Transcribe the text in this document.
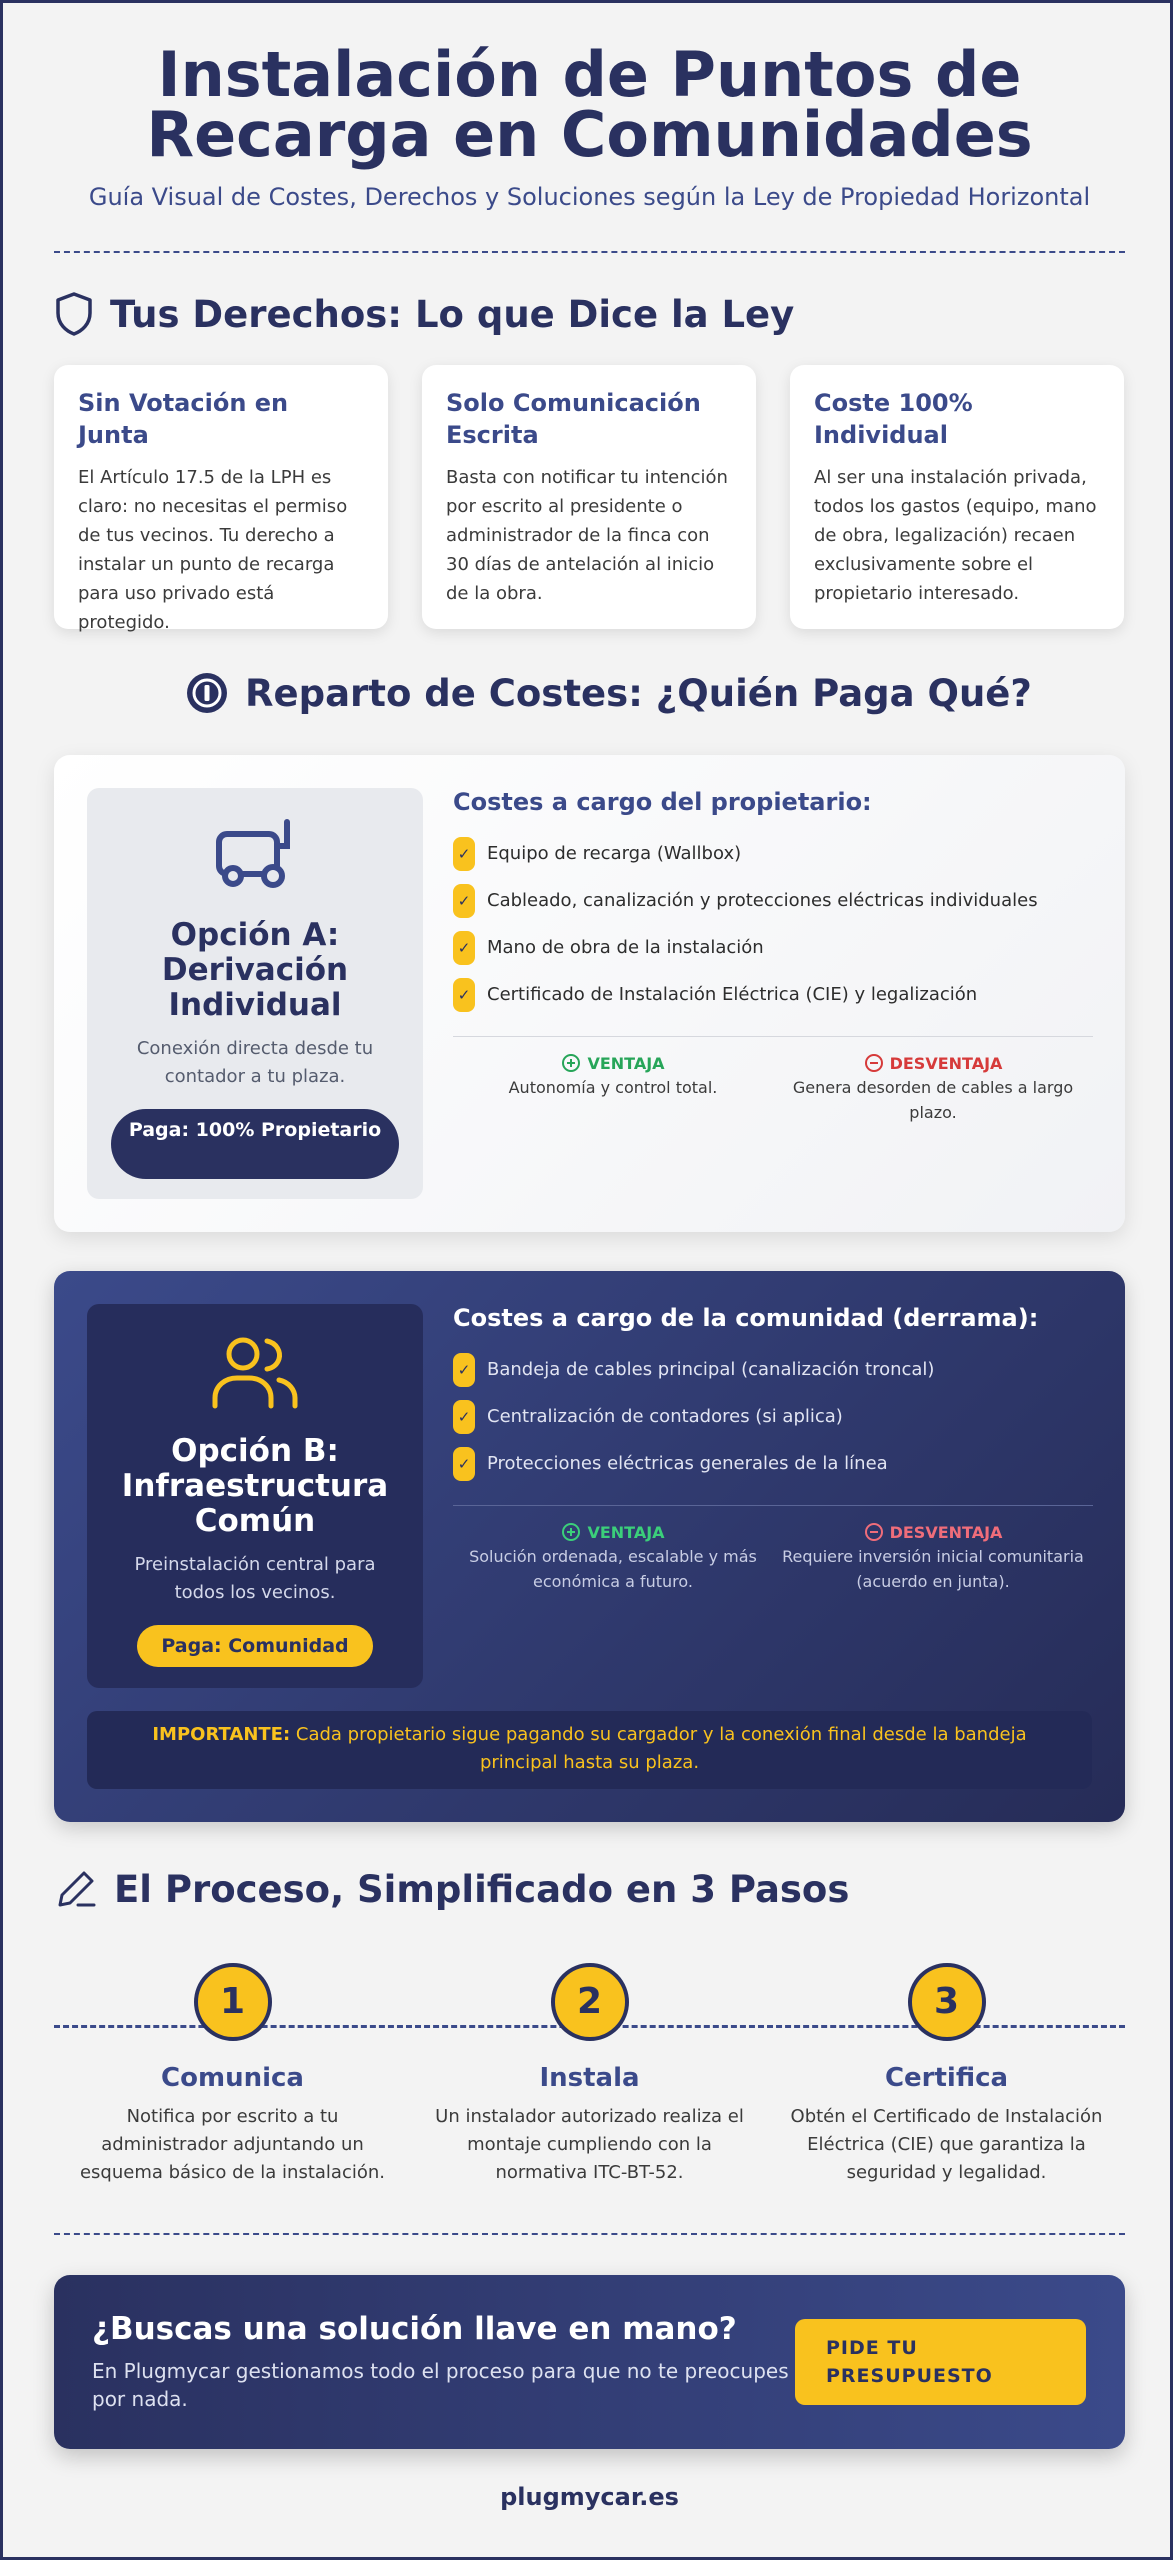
Instalación de Puntos de
Recarga en Comunidades
Guía Visual de Costes, Derechos y Soluciones según la Ley de Propiedad Horizontal
Tus Derechos: Lo que Dice la Ley
Sin Votación en Junta

El Artículo 17.5 de la LPH es claro: no necesitas el permiso de tus vecinos. Tu derecho a instalar un punto de recarga para uso privado está protegido.

Solo Comunicación Escrita

Basta con notificar tu intención por escrito al presidente o administrador de la finca con 30 días de antelación al inicio de la obra.

Coste 100% Individual

Al ser una instalación privada, todos los gastos (equipo, mano de obra, legalización) recaen exclusivamente sobre el propietario interesado.

Reparto de Costes: ¿Quién Paga Qué?
Opción A: Derivación Individual
Conexión directa desde tu contador a tu plaza.
Paga: 100% Propietario
Costes a cargo del propietario:
✓ Equipo de recarga (Wallbox)
✓ Cableado, canalización y protecciones eléctricas individuales
✓ Mano de obra de la instalación
✓ Certificado de Instalación Eléctrica (CIE) y legalización
VENTAJA
Autonomía y control total.
DESVENTAJA
Genera desorden de cables a largo plazo.
Opción B: Infraestructura Común
Preinstalación central para todos los vecinos.
Paga: Comunidad
Costes a cargo de la comunidad (derrama):
✓ Bandeja de cables principal (canalización troncal)
✓ Centralización de contadores (si aplica)
✓ Protecciones eléctricas generales de la línea
VENTAJA
Solución ordenada, escalable y más económica a futuro.
DESVENTAJA
Requiere inversión inicial comunitaria (acuerdo en junta).
IMPORTANTE: Cada propietario sigue pagando su cargador y la conexión final desde la bandeja principal hasta su plaza.
El Proceso, Simplificado en 3 Pasos
1
Comunica

Notifica por escrito a tu administrador adjuntando un esquema básico de la instalación.

2
Instala

Un instalador autorizado realiza el montaje cumpliendo con la normativa ITC-BT-52.

3
Certifica

Obtén el Certificado de Instalación Eléctrica (CIE) que garantiza la seguridad y legalidad.

¿Buscas una solución llave en mano?

En Plugmycar gestionamos todo el proceso para que no te preocupes por nada.

PIDE TU PRESUPUESTO
plugmycar.es
